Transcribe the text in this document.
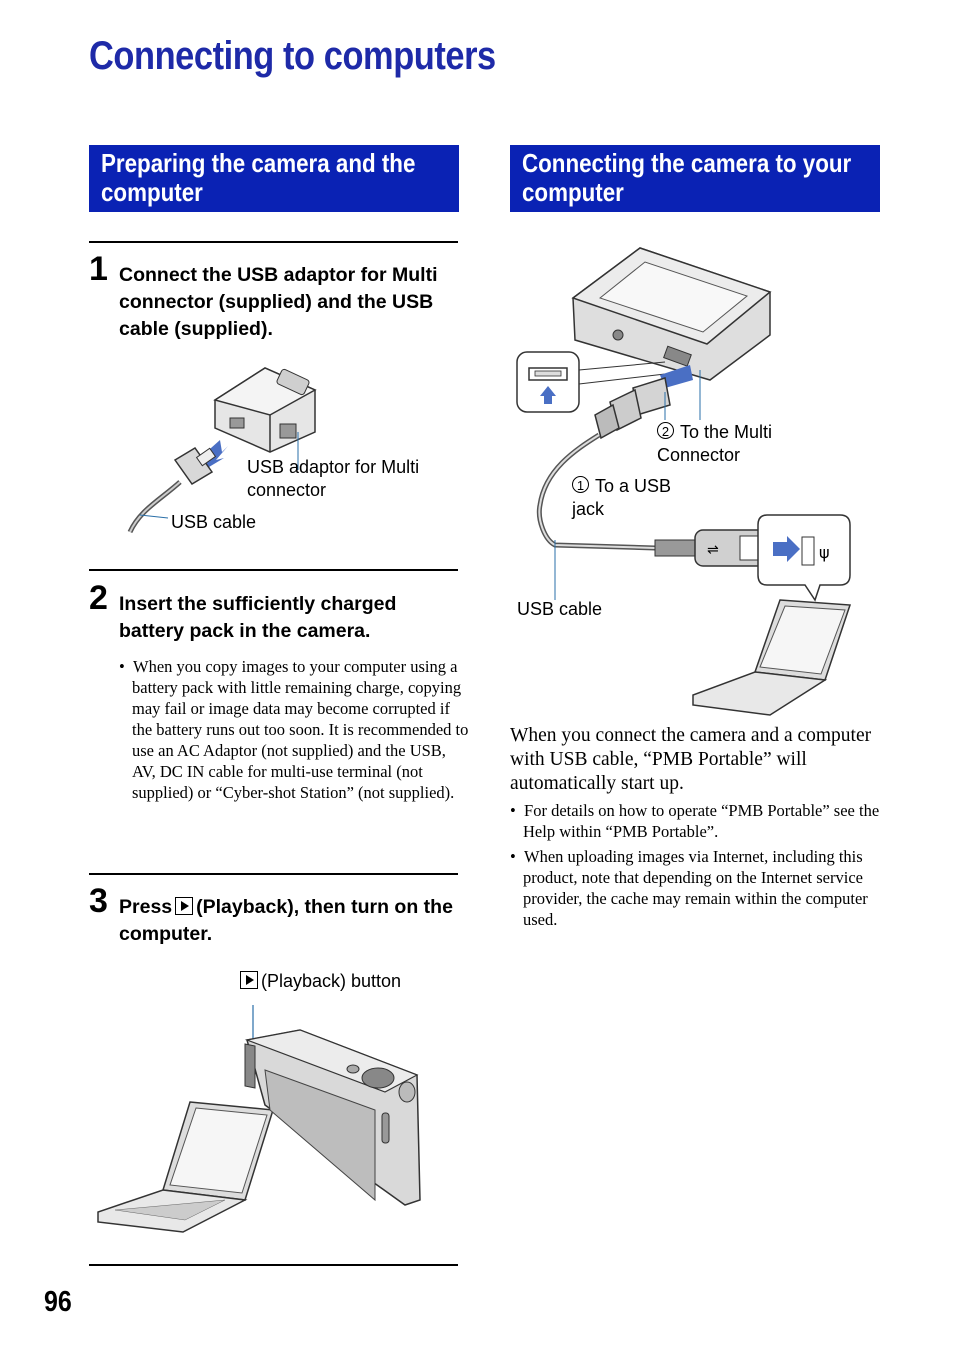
Connecting to computers
Preparing the camera and the computer
1 Connect the USB adaptor for Multi connector (supplied) and the USB cable (supplied).
USB adaptor for Multi connector
USB cable
2 Insert the sufficiently charged battery pack in the camera.
•  When you copy images to your computer using a battery pack with little remaining charge, copying may fail or image data may become corrupted if the battery runs out too soon. It is recommended to use an AC Adaptor (not supplied) and the USB, AV, DC IN cable for multi-use terminal (not supplied) or “Cyber-shot Station” (not supplied).
3 Press (Playback), then turn on the computer.
(Playback) button
Connecting the camera to your computer
⇌	ψ
2 To the Multi Connector
1 To a USB jack
USB cable
When you connect the camera and a computer with USB cable, “PMB Portable” will automatically start up.
•  For details on how to operate “PMB Portable” see the Help within “PMB Portable”.
•  When uploading images via Internet, including this product, note that depending on the Internet service provider, the cache may remain within the computer used.
96
